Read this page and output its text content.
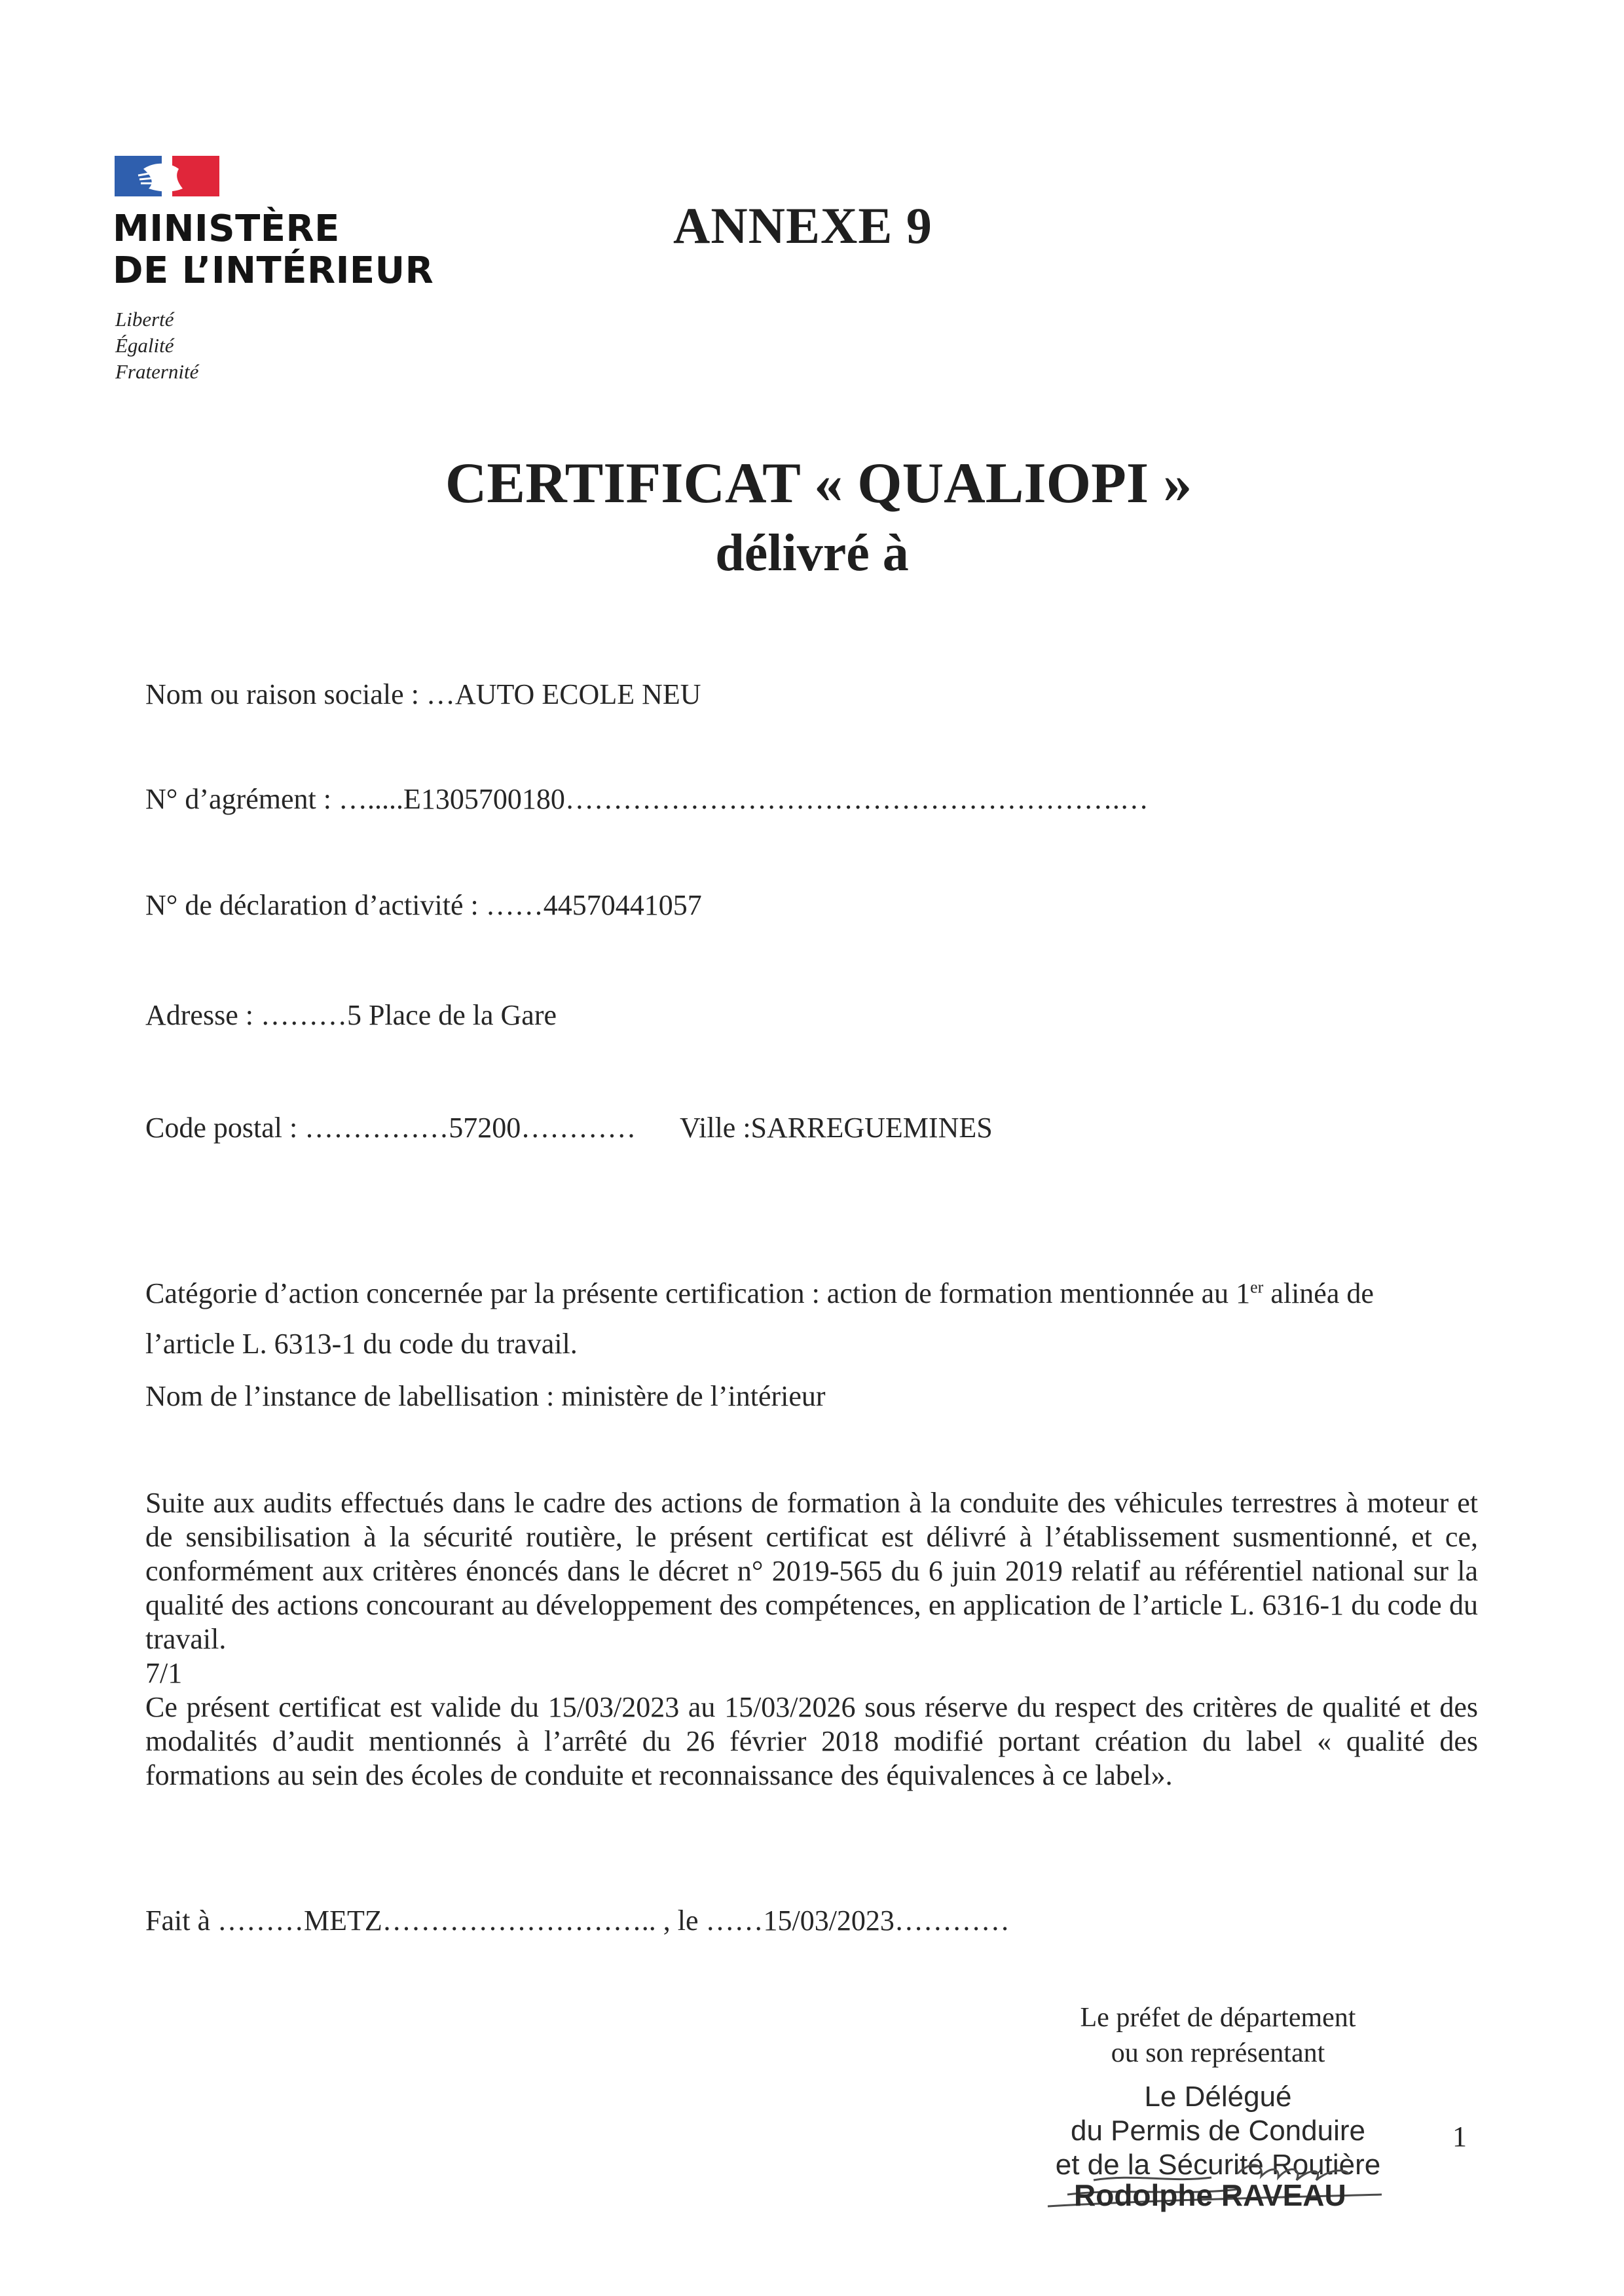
MINISTÈRE
DE L’INTÉRIEUR
Liberté
Égalité
Fraternité
ANNEXE 9
CERTIFICAT « QUALIOPI »
délivré à
Nom ou raison sociale : …AUTO ECOLE NEU
N° d’agrément : ….....E1305700180………………………………………………….…
N° de déclaration d’activité : ……44570441057
Adresse : ………5 Place de la Gare
Code postal : ……………57200………… Ville :SARREGUEMINES
Catégorie d’action concernée par la présente certification : action de formation mentionnée au 1er alinéa de
l’article L. 6313-1 du code du travail.
Nom de l’instance de labellisation : ministère de l’intérieur
Suite aux audits effectués dans le cadre des actions de formation à la conduite des véhicules terrestres à moteur et de sensibilisation à la sécurité routière, le présent certificat est délivré à l’établissement susmentionné, et ce, conformément aux critères énoncés dans le décret n° 2019-565 du 6 juin 2019 relatif au référentiel national sur la qualité des actions concourant au développement des compétences, en application de l’article L. 6316-1 du code du travail.
7/1
Ce présent certificat est valide du 15/03/2023 au 15/03/2026 sous réserve du respect des critères de qualité et des modalités d’audit mentionnés à l’arrêté du 26 février 2018 modifié portant création du label « qualité des formations au sein des écoles de conduite et reconnaissance des équivalences à ce label».
Fait à ………METZ……………………….. , le ……15/03/2023…………
Le préfet de département
ou son représentant
Le Délégué
du Permis de Conduire
et de la Sécurité Routière
Rodolphe RAVEAU
1
